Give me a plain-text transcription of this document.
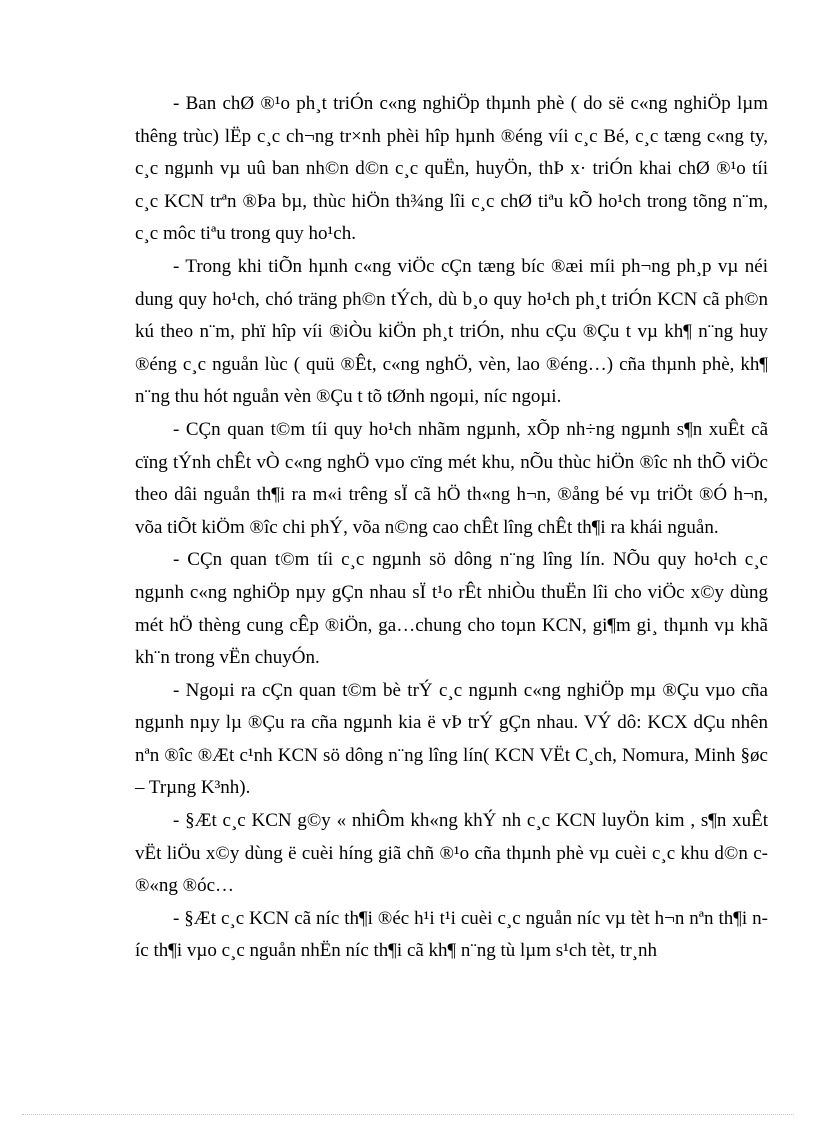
- Ban chØ ®¹o ph¸t triÓn c«ng nghiÖp thµnh phè ( do së c«ng nghiÖp lµm thêng trùc) lËp c¸c ch¬ng tr×nh phèi hîp hµnh ®éng víi c¸c Bé, c¸c tæng c«ng ty, c¸c ngµnh vµ uû ban nh©n d©n c¸c quËn, huyÖn, thÞ x· triÓn khai chØ ®¹o tíi c¸c KCN trªn ®Þa bµ, thùc hiÖn th¾ng lîi c¸c chØ tiªu kÕ ho¹ch trong tõng n¨m, c¸c môc tiªu trong quy ho¹ch.

- Trong khi tiÕn hµnh c«ng viÖc cÇn tæng bíc ®æi míi ph¬ng ph¸p vµ néi dung quy ho¹ch, chó träng ph©n tÝch, dù b¸o quy ho¹ch ph¸t triÓn KCN cã ph©n kú theo n¨m, phï hîp víi ®iÒu kiÖn ph¸t triÓn, nhu cÇu ®Çu t vµ kh¶ n¨ng huy ®éng c¸c nguån lùc ( quü ®Êt, c«ng nghÖ, vèn, lao ®éng…) cña thµnh phè, kh¶ n¨ng thu hót nguån vèn ®Çu t tõ tØnh ngoµi, níc ngoµi.

- CÇn quan t©m tíi quy ho¹ch nhãm ngµnh, xÕp nh÷ng ngµnh s¶n xuÊt cã cïng tÝnh chÊt vÒ c«ng nghÖ vµo cïng mét khu, nÕu thùc hiÖn ®îc nh thÕ viÖc theo dâi nguån th¶i ra m«i trêng sÏ cã hÖ th«ng h¬n, ®ång bé vµ triÖt ®Ó h¬n, võa tiÕt kiÖm ®îc chi phÝ, võa n©ng cao chÊt lîng chÊt th¶i ra khái nguån.

- CÇn quan t©m tíi c¸c ngµnh sö dông n¨ng lîng lín. NÕu quy ho¹ch c¸c ngµnh c«ng nghiÖp nµy gÇn nhau sÏ t¹o rÊt nhiÒu thuËn lîi cho viÖc x©y dùng mét hÖ thèng cung cÊp ®iÖn, ga…chung cho toµn KCN, gi¶m gi¸ thµnh vµ khã kh¨n trong vËn chuyÓn.

- Ngoµi ra cÇn quan t©m bè trÝ c¸c ngµnh c«ng nghiÖp mµ ®Çu vµo cña ngµnh nµy lµ ®Çu ra cña ngµnh kia ë vÞ trÝ gÇn nhau. VÝ dô: KCX dÇu nhên nªn ®îc ®Æt c¹nh KCN sö dông n¨ng lîng lín( KCN VËt C¸ch, Nomura, Minh §øc – Trµng K³nh).

- §Æt c¸c KCN g©y « nhiÔm kh«ng khÝ nh c¸c KCN luyÖn kim , s¶n xuÊt vËt liÖu x©y dùng ë cuèi híng giã chñ ®¹o cña thµnh phè vµ cuèi c¸c khu d©n c ®«ng ®óc…

- §Æt c¸c KCN cã níc th¶i ®éc h¹i t¹i cuèi c¸c nguån níc vµ tèt h¬n nªn th¶i níc th¶i vµo c¸c nguån nhËn níc th¶i cã kh¶ n¨ng tù lµm s¹ch tèt, tr¸nh
